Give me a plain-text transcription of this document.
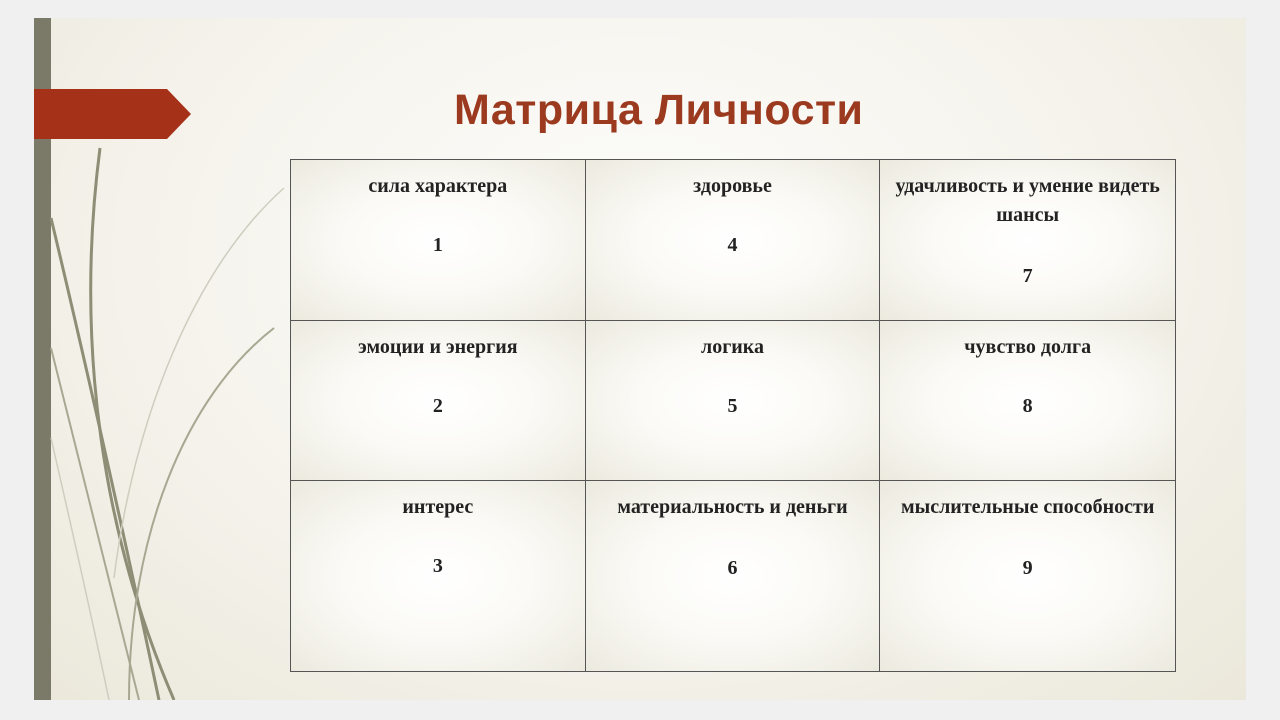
Матрица Личности
сила характера
1
здоровье
4
удачливость и умение видеть шансы
7
эмоции и энергия
2
логика
5
чувство долга
8
интерес
3
материальность и деньги
6
мыслительные способности
9
